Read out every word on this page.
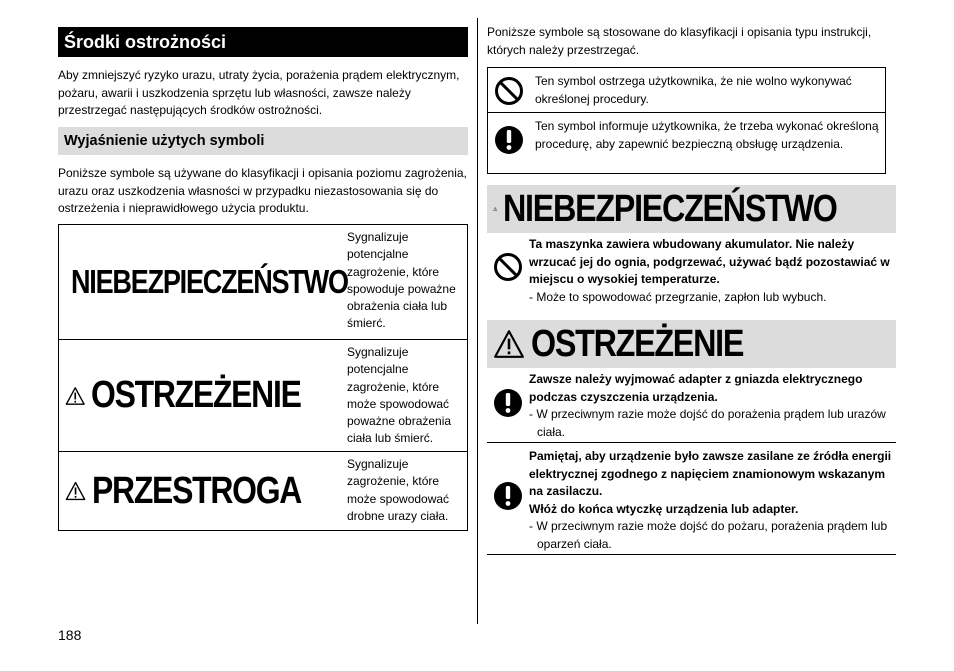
Środki ostrożności
Aby zmniejszyć ryzyko urazu, utraty życia, porażenia prądem elektrycznym, pożaru, awarii i uszkodzenia sprzętu lub własności, zawsze należy przestrzegać następujących środków ostrożności.
Wyjaśnienie użytych symboli
Poniższe symbole są używane do klasyfikacji i opisania poziomu zagrożenia, urazu oraz uszkodzenia własności w przypadku niezastosowania się do ostrzeżenia i nieprawidłowego użycia produktu.
NIEBEZPIECZEŃSTWO
Sygnalizuje potencjalne zagrożenie, które spowoduje poważne obrażenia ciała lub śmierć.
OSTRZEŻENIE
Sygnalizuje potencjalne zagrożenie, które może spowodować poważne obrażenia ciała lub śmierć.
PRZESTROGA
Sygnalizuje zagrożenie, które może spowodować drobne urazy ciała.
Poniższe symbole są stosowane do klasyfikacji i opisania typu instrukcji, których należy przestrzegać.
Ten symbol ostrzega użytkownika, że nie wolno wykonywać określonej procedury.
Ten symbol informuje użytkownika, że trzeba wykonać określoną procedurę, aby zapewnić bezpieczną obsługę urządzenia.
NIEBEZPIECZEŃSTWO
Ta maszynka zawiera wbudowany akumulator. Nie należy wrzucać jej do ognia, podgrzewać, używać bądź pozostawiać w miejscu o wysokiej temperaturze.
- Może to spowodować przegrzanie, zapłon lub wybuch.
OSTRZEŻENIE
Zawsze należy wyjmować adapter z gniazda elektrycznego podczas czyszczenia urządzenia.
- W przeciwnym razie może dojść do porażenia prądem lub urazów ciała.
Pamiętaj, aby urządzenie było zawsze zasilane ze źródła energii elektrycznej zgodnego z napięciem znamionowym wskazanym na zasilaczu.
Włóż do końca wtyczkę urządzenia lub adapter.
- W przeciwnym razie może dojść do pożaru, porażenia prądem lub oparzeń ciała.
188
